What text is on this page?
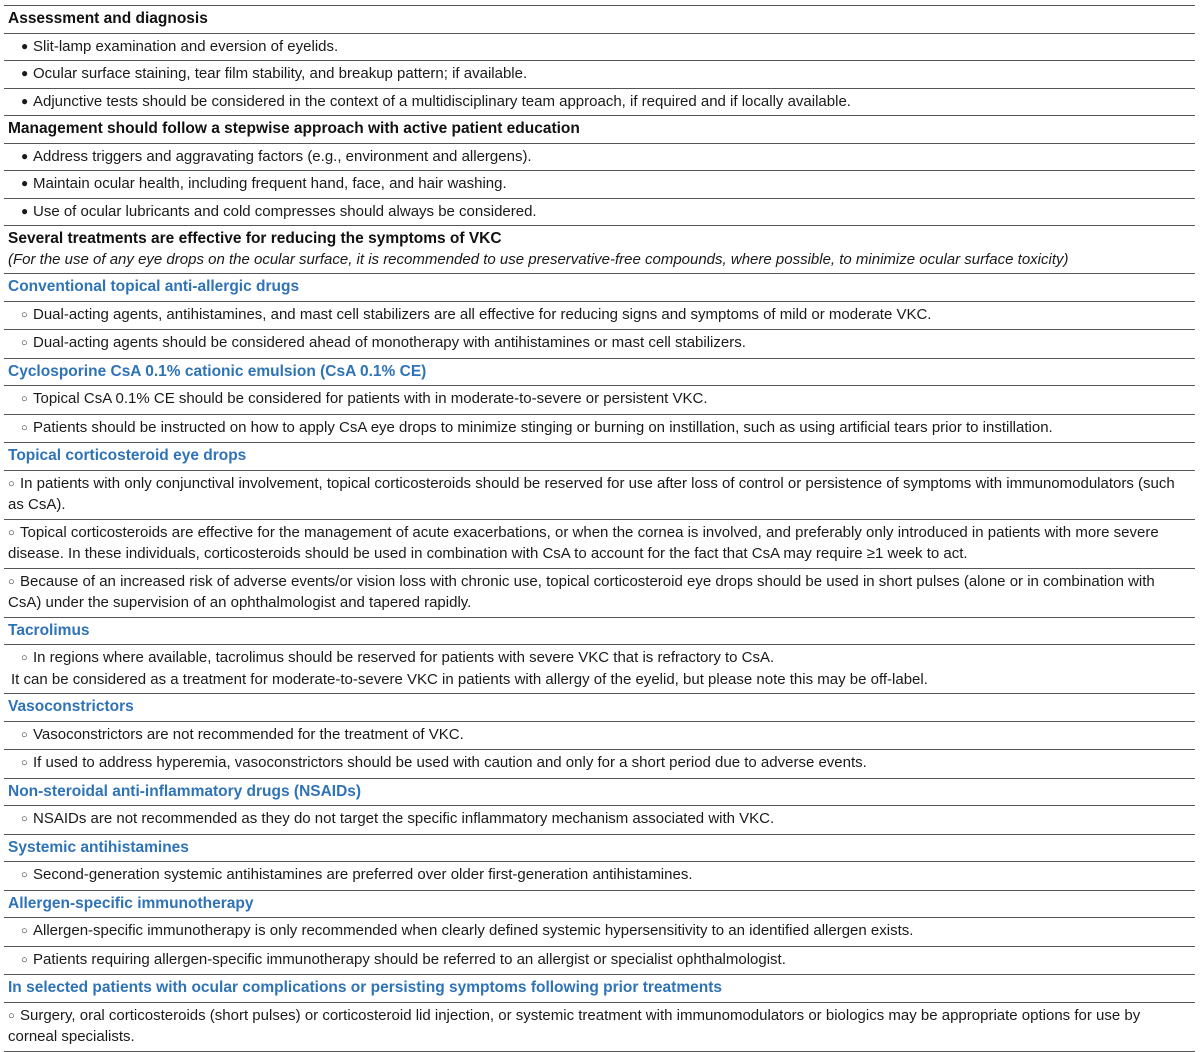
Assessment and diagnosis
● Slit-lamp examination and eversion of eyelids.
● Ocular surface staining, tear film stability, and breakup pattern; if available.
● Adjunctive tests should be considered in the context of a multidisciplinary team approach, if required and if locally available.
Management should follow a stepwise approach with active patient education
● Address triggers and aggravating factors (e.g., environment and allergens).
● Maintain ocular health, including frequent hand, face, and hair washing.
● Use of ocular lubricants and cold compresses should always be considered.
Several treatments are effective for reducing the symptoms of VKC
(For the use of any eye drops on the ocular surface, it is recommended to use preservative-free compounds, where possible, to minimize ocular surface toxicity)
Conventional topical anti-allergic drugs
○ Dual-acting agents, antihistamines, and mast cell stabilizers are all effective for reducing signs and symptoms of mild or moderate VKC.
○ Dual-acting agents should be considered ahead of monotherapy with antihistamines or mast cell stabilizers.
Cyclosporine CsA 0.1% cationic emulsion (CsA 0.1% CE)
○ Topical CsA 0.1% CE should be considered for patients with in moderate-to-severe or persistent VKC.
○ Patients should be instructed on how to apply CsA eye drops to minimize stinging or burning on instillation, such as using artificial tears prior to instillation.
Topical corticosteroid eye drops
○ In patients with only conjunctival involvement, topical corticosteroids should be reserved for use after loss of control or persistence of symptoms with immunomodulators (such as CsA).
○ Topical corticosteroids are effective for the management of acute exacerbations, or when the cornea is involved, and preferably only introduced in patients with more severe disease. In these individuals, corticosteroids should be used in combination with CsA to account for the fact that CsA may require ≥1 week to act.
○ Because of an increased risk of adverse events/or vision loss with chronic use, topical corticosteroid eye drops should be used in short pulses (alone or in combination with CsA) under the supervision of an ophthalmologist and tapered rapidly.
Tacrolimus
○ In regions where available, tacrolimus should be reserved for patients with severe VKC that is refractory to CsA.
It can be considered as a treatment for moderate-to-severe VKC in patients with allergy of the eyelid, but please note this may be off-label.
Vasoconstrictors
○ Vasoconstrictors are not recommended for the treatment of VKC.
○ If used to address hyperemia, vasoconstrictors should be used with caution and only for a short period due to adverse events.
Non-steroidal anti-inflammatory drugs (NSAIDs)
○ NSAIDs are not recommended as they do not target the specific inflammatory mechanism associated with VKC.
Systemic antihistamines
○ Second-generation systemic antihistamines are preferred over older first-generation antihistamines.
Allergen-specific immunotherapy
○ Allergen-specific immunotherapy is only recommended when clearly defined systemic hypersensitivity to an identified allergen exists.
○ Patients requiring allergen-specific immunotherapy should be referred to an allergist or specialist ophthalmologist.
In selected patients with ocular complications or persisting symptoms following prior treatments
○ Surgery, oral corticosteroids (short pulses) or corticosteroid lid injection, or systemic treatment with immunomodulators or biologics may be appropriate options for use by corneal specialists.
